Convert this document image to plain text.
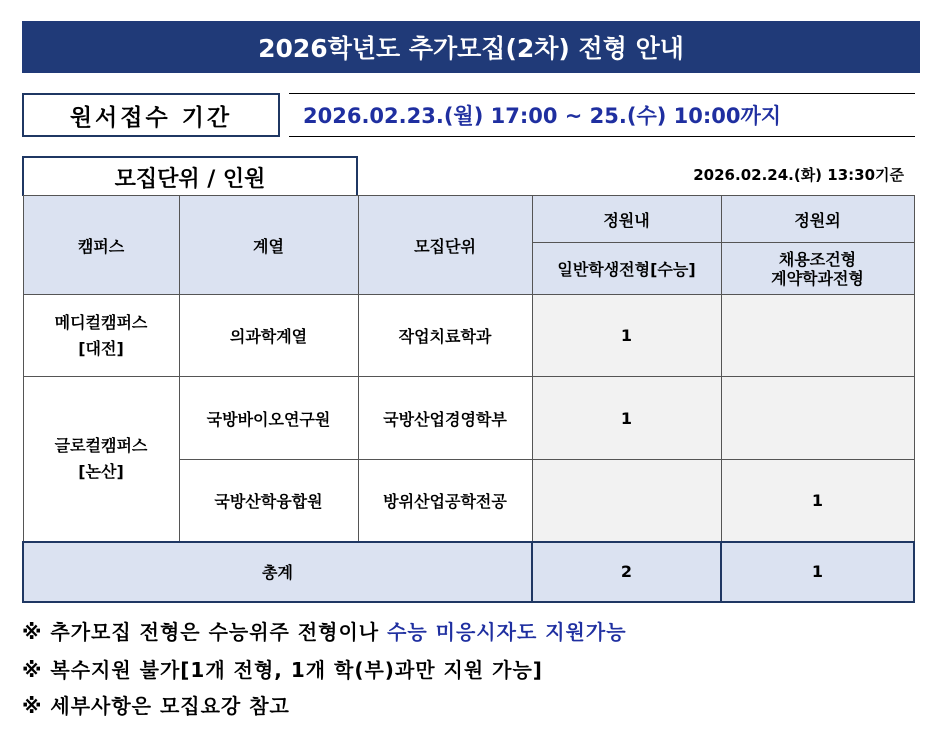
2026학년도 추가모집(2차) 전형 안내
원서접수 기간	2026.02.23.(월) 17:00 ~ 25.(수) 10:00까지
모집단위 / 인원	2026.02.24.(화) 13:30기준
캠퍼스	계열	모집단위	정원내	정원외
			일반학생전형[수능]	채용조건형
계약학과전형
메디컬캠퍼스
[대전]	의과학계열	작업치료학과	1	
글로컬캠퍼스
[논산]	국방바이오연구원	국방산업경영학부	1	
	국방산학융합원	방위산업공학전공		1
총계			2	1
※ 추가모집 전형은 수능위주 전형이나 수능 미응시자도 지원가능
※ 복수지원 불가[1개 전형, 1개 학(부)과만 지원 가능]
※ 세부사항은 모집요강 참고
